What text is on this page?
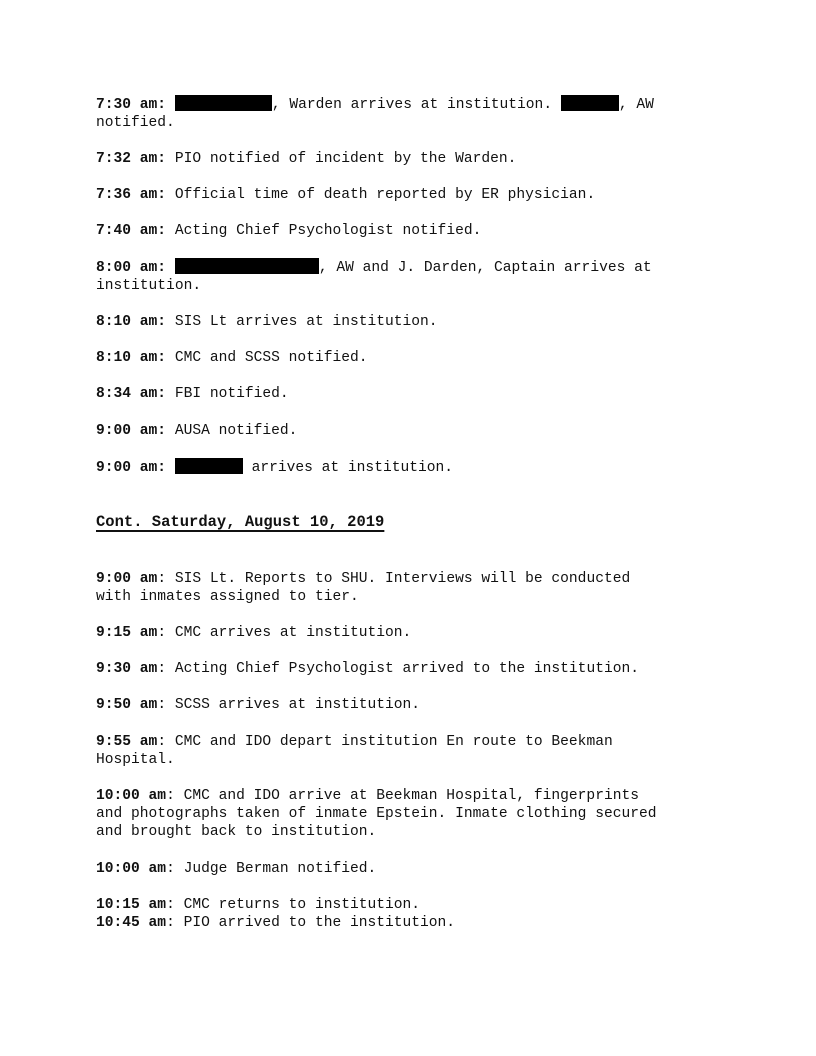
7:30 am:	, Warden arrives at institution.	, AW
notified.

7:32 am: PIO notified of incident by the Warden.

7:36 am: Official time of death reported by ER physician.

7:40 am: Acting Chief Psychologist notified.

8:00 am:	, AW and J. Darden, Captain arrives at
institution.

8:10 am: SIS Lt arrives at institution.

8:10 am: CMC and SCSS notified.

8:34 am: FBI notified.

9:00 am: AUSA notified.

9:00 am:	arrives at institution.

Cont. Saturday, August 10, 2019

9:00 am: SIS Lt. Reports to SHU. Interviews will be conducted
with inmates assigned to tier.

9:15 am: CMC arrives at institution.

9:30 am: Acting Chief Psychologist arrived to the institution.

9:50 am: SCSS arrives at institution.

9:55 am: CMC and IDO depart institution En route to Beekman
Hospital.

10:00 am: CMC and IDO arrive at Beekman Hospital, fingerprints
and photographs taken of inmate Epstein. Inmate clothing secured
and brought back to institution.

10:00 am: Judge Berman notified.

10:15 am: CMC returns to institution.

10:45 am: PIO arrived to the institution.
